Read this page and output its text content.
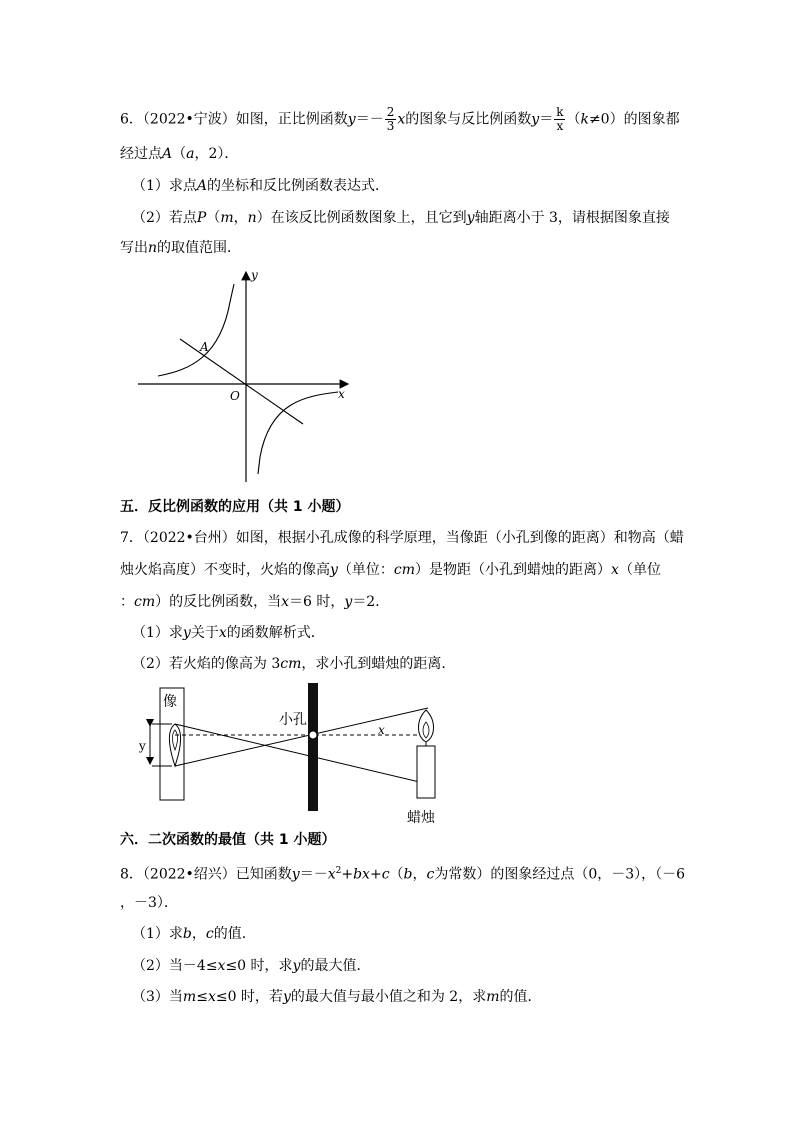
6．（2022•宁波）如图，正比例函数$y=- \frac{2}{3}$ x的图象与反比例函数$y= \frac{k}{x} (k\ne 0)$的图象都
经过点A（a，2）．
（1）求点A的坐标和反比例函数表达式．
（2）若点P（m，n）在该反比例函数图象上，且它到y轴距离小于 3，请根据图象直接
写出n的取值范围．
y
x
O
A
五．反比例函数的应用（共 1 小题）
7．（2022•台州）如图，根据小孔成像的科学原理，当像距（小孔到像的距离）和物高（蜡
烛火焰高度）不变时，火焰的像高y（单位：cm）是物距（小孔到蜡烛的距离）x（单位
：cm）的反比例函数，当x＝6 时，y＝2．
（1）求y关于x的函数解析式．
（2）若火焰的像高为 3cm，求小孔到蜡烛的距离．
像
y
小孔
x
蜡烛
六．二次函数的最值（共 1 小题）
8．（2022•绍兴）已知函数$y=-x^2+bx+c(b$，c为常数）的图象经过点（0，－3），（－6
，－3）．
（1）求b，c的值．
（2）当－4≤x≤0 时，求y的最大值．
（3）当m≤x≤0 时，若y的最大值与最小值之和为 2，求m的值．
